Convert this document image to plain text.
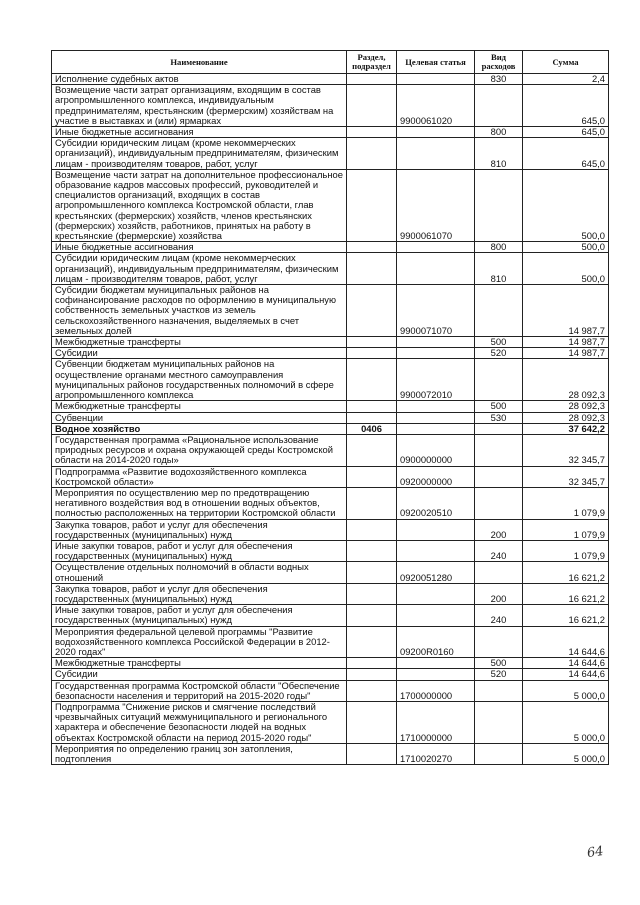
Наименование	Раздел, подраздел	Целевая статья	Вид расходов	Сумма
Исполнение судебных актов			830	2,4
Возмещение части затрат организациям, входящим в состав агропромышленного комплекса, индивидуальным предпринимателям, крестьянским (фермерским) хозяйствам на участие в выставках и (или) ярмарках		9900061020		645,0
Иные бюджетные ассигнования			800	645,0
Субсидии юридическим лицам (кроме некоммерческих организаций), индивидуальным предпринимателям, физическим лицам - производителям товаров, работ, услуг			810	645,0
Возмещение части затрат на дополнительное профессиональное образование кадров массовых профессий, руководителей и специалистов организаций, входящих в состав агропромышленного комплекса Костромской области, глав крестьянских (фермерских) хозяйств, членов крестьянских (фермерских) хозяйств, работников, принятых на работу в крестьянские (фермерские) хозяйства		9900061070		500,0
Иные бюджетные ассигнования			800	500,0
Субсидии юридическим лицам (кроме некоммерческих организаций), индивидуальным предпринимателям, физическим лицам - производителям товаров, работ, услуг			810	500,0
Субсидии бюджетам муниципальных районов на софинансирование расходов по оформлению в муниципальную собственность земельных участков из земель сельскохозяйственного назначения, выделяемых в счет земельных долей		9900071070		14 987,7
Межбюджетные трансферты			500	14 987,7
Субсидии			520	14 987,7
Субвенции бюджетам муниципальных районов на осуществление органами местного самоуправления муниципальных районов государственных полномочий в сфере агропромышленного комплекса		9900072010		28 092,3
Межбюджетные трансферты			500	28 092,3
Субвенции			530	28 092,3
Водное хозяйство	0406			37 642,2
Государственная программа «Рациональное использование природных ресурсов и охрана окружающей среды Костромской области на 2014-2020 годы»		0900000000		32 345,7
Подпрограмма «Развитие водохозяйственного комплекса Костромской области»		0920000000		32 345,7
Мероприятия по осуществлению мер по предотвращению негативного воздействия вод в отношении водных объектов, полностью расположенных на территории Костромской области		0920020510		1 079,9
Закупка товаров, работ и услуг для обеспечения государственных (муниципальных) нужд			200	1 079,9
Иные закупки товаров, работ и услуг для обеспечения государственных (муниципальных) нужд			240	1 079,9
Осуществление отдельных полномочий в области водных отношений		0920051280		16 621,2
Закупка товаров, работ и услуг для обеспечения государственных (муниципальных) нужд			200	16 621,2
Иные закупки товаров, работ и услуг для обеспечения государственных (муниципальных) нужд			240	16 621,2
Мероприятия федеральной целевой программы "Развитие водохозяйственного комплекса Российской Федерации в 2012-2020 годах"		09200R0160		14 644,6
Межбюджетные трансферты			500	14 644,6
Субсидии			520	14 644,6
Государственная программа Костромской области "Обеспечение безопасности населения и территорий на 2015-2020 годы"		1700000000		5 000,0
Подпрограмма "Снижение рисков и смягчение последствий чрезвычайных ситуаций межмуниципального и регионального характера и обеспечение безопасности людей на водных объектах Костромской области на период 2015-2020 годы"		1710000000		5 000,0
Мероприятия по определению границ зон затопления, подтопления		1710020270		5 000,0
64
